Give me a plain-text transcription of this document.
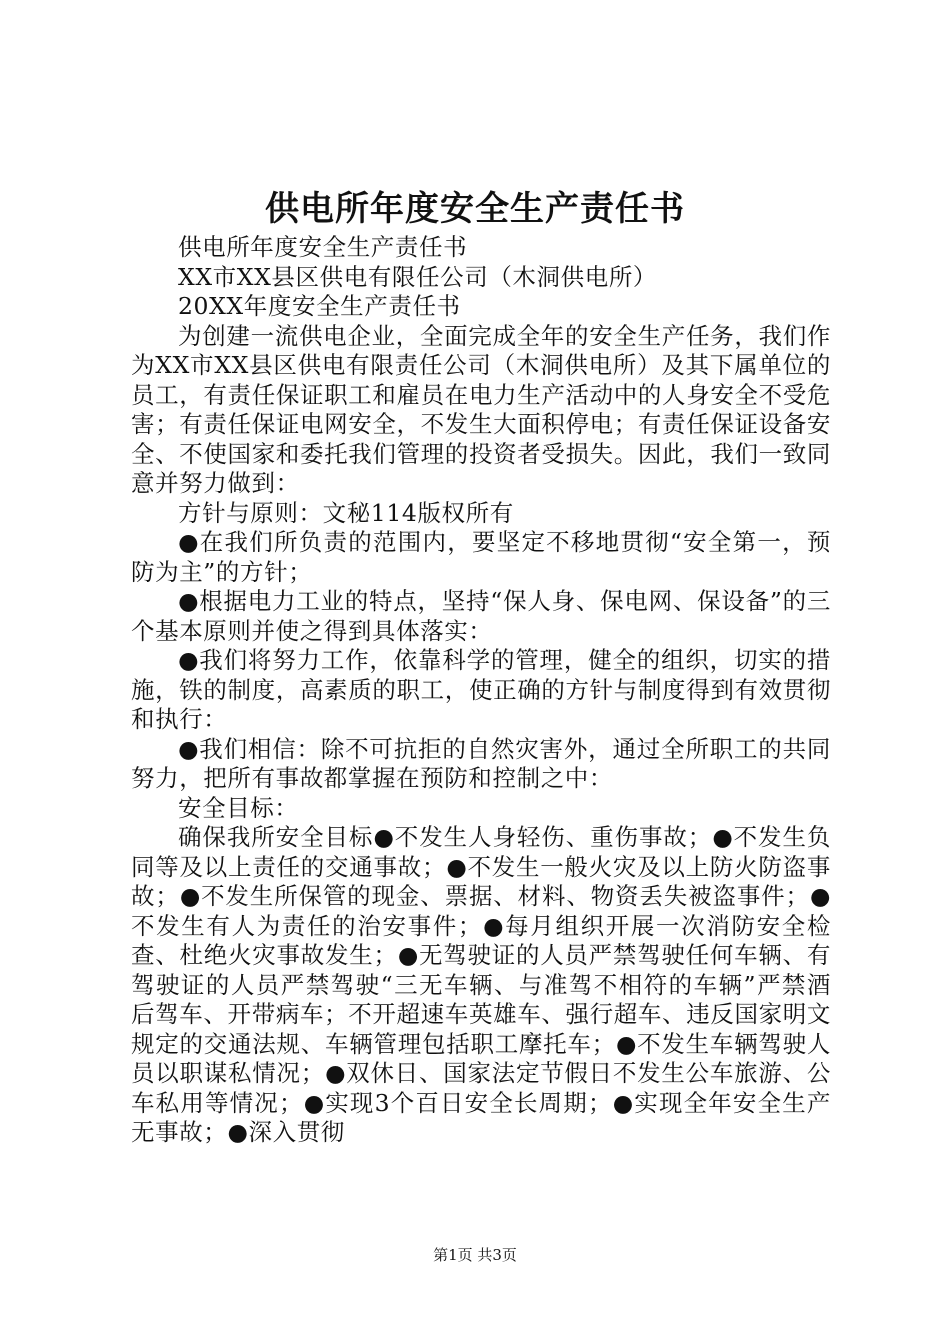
供电所年度安全生产责任书

供电所年度安全生产责任书

XX市XX县区供电有限任公司（木洞供电所）

20XX年度安全生产责任书

为创建一流供电企业，全面完成全年的安全生产任务，我们作为XX市XX县区供电有限责任公司（木洞供电所）及其下属单位的员工，有责任保证职工和雇员在电力生产活动中的人身安全不受危害；有责任保证电网安全，不发生大面积停电；有责任保证设备安全、不使国家和委托我们管理的投资者受损失。因此，我们一致同意并努力做到：

方针与原则：文秘114版权所有

●在我们所负责的范围内，要坚定不移地贯彻“安全第一，预防为主”的方针；

●根据电力工业的特点，坚持“保人身、保电网、保设备”的三个基本原则并使之得到具体落实：

●我们将努力工作，依靠科学的管理，健全的组织，切实的措施，铁的制度，高素质的职工，使正确的方针与制度得到有效贯彻和执行：

●我们相信：除不可抗拒的自然灾害外，通过全所职工的共同努力，把所有事故都掌握在预防和控制之中：

安全目标：

确保我所安全目标●不发生人身轻伤、重伤事故；●不发生负同等及以上责任的交通事故；●不发生一般火灾及以上防火防盗事故；●不发生所保管的现金、票据、材料、物资丢失被盗事件；●不发生有人为责任的治安事件；●每月组织开展一次消防安全检查、杜绝火灾事故发生；●无驾驶证的人员严禁驾驶任何车辆、有驾驶证的人员严禁驾驶“三无车辆、与准驾不相符的车辆”严禁酒后驾车、开带病车；不开超速车英雄车、强行超车、违反国家明文规定的交通法规、车辆管理包括职工摩托车；●不发生车辆驾驶人员以职谋私情况；●双休日、国家法定节假日不发生公车旅游、公车私用等情况；●实现3个百日安全长周期；●实现全年安全生产无事故；●深入贯彻

第1页 共3页
